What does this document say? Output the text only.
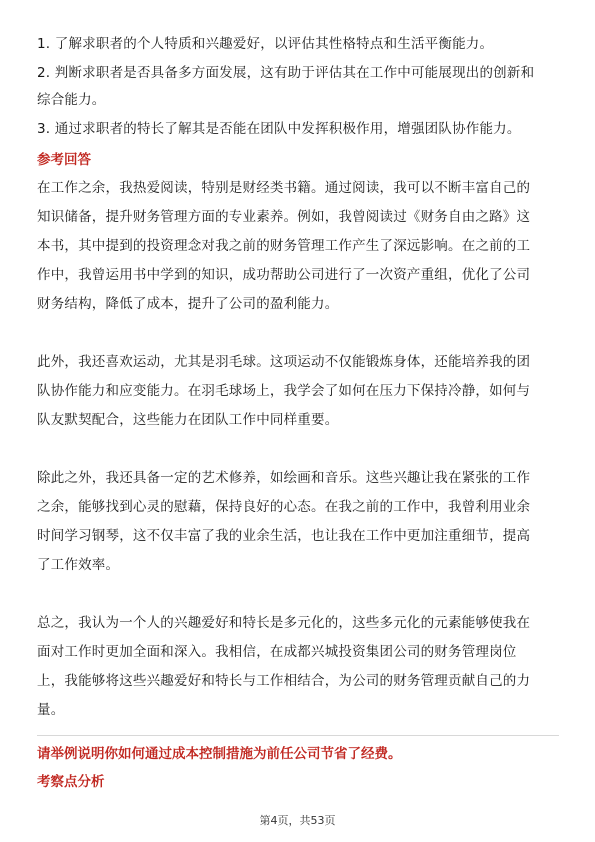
1. 了解求职者的个人特质和兴趣爱好，以评估其性格特点和生活平衡能力。
2. 判断求职者是否具备多方面发展，这有助于评估其在工作中可能展现出的创新和
综合能力。
3. 通过求职者的特长了解其是否能在团队中发挥积极作用，增强团队协作能力。
参考回答
在工作之余，我热爱阅读，特别是财经类书籍。通过阅读，我可以不断丰富自己的
知识储备，提升财务管理方面的专业素养。例如，我曾阅读过《财务自由之路》这
本书，其中提到的投资理念对我之前的财务管理工作产生了深远影响。在之前的工
作中，我曾运用书中学到的知识，成功帮助公司进行了一次资产重组，优化了公司
财务结构，降低了成本，提升了公司的盈利能力。
此外，我还喜欢运动，尤其是羽毛球。这项运动不仅能锻炼身体，还能培养我的团
队协作能力和应变能力。在羽毛球场上，我学会了如何在压力下保持冷静，如何与
队友默契配合，这些能力在团队工作中同样重要。
除此之外，我还具备一定的艺术修养，如绘画和音乐。这些兴趣让我在紧张的工作
之余，能够找到心灵的慰藉，保持良好的心态。在我之前的工作中，我曾利用业余
时间学习钢琴，这不仅丰富了我的业余生活，也让我在工作中更加注重细节，提高
了工作效率。
总之，我认为一个人的兴趣爱好和特长是多元化的，这些多元化的元素能够使我在
面对工作时更加全面和深入。我相信，在成都兴城投资集团公司的财务管理岗位
上，我能够将这些兴趣爱好和特长与工作相结合，为公司的财务管理贡献自己的力
量。
请举例说明你如何通过成本控制措施为前任公司节省了经费。
考察点分析
第4页，共53页
